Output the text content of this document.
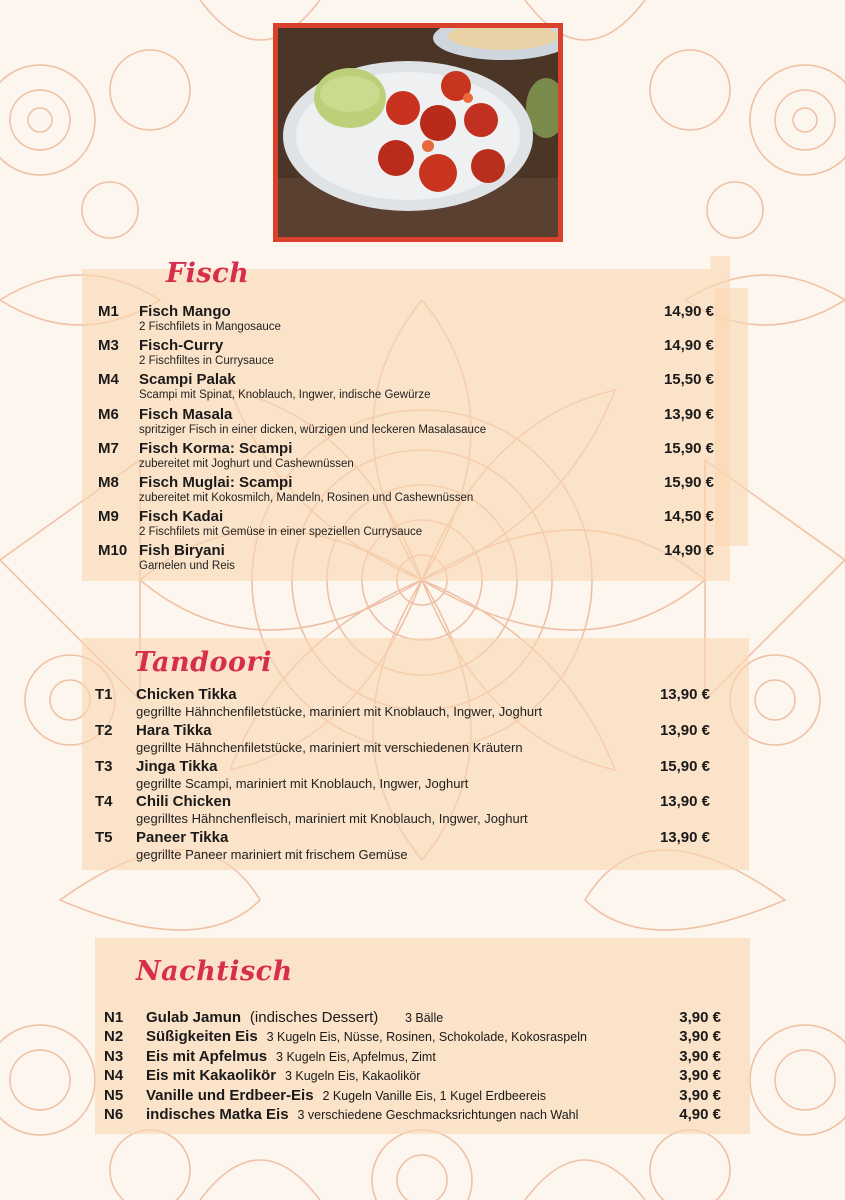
Fisch
M1 Fisch Mango
2 Fischfilets in Mangosauce
14,90 €
M3 Fisch-Curry
2 Fischfiltes in Currysauce
14,90 €
M4 Scampi Palak
Scampi mit Spinat, Knoblauch, Ingwer, indische Gewürze
15,50 €
M6 Fisch Masala
spritziger Fisch in einer dicken, würzigen und leckeren Masalasauce
13,90 €
M7 Fisch Korma: Scampi
zubereitet mit Joghurt und Cashewnüssen
15,90 €
M8 Fisch Muglai: Scampi
zubereitet mit Kokosmilch, Mandeln, Rosinen und Cashewnüssen
15,90 €
M9 Fisch Kadai
2 Fischfilets mit Gemüse in einer speziellen Currysauce
14,50 €
M10 Fish Biryani
Garnelen und Reis
14,90 €
Tandoori
T1 Chicken Tikka
gegrillte Hähnchenfiletstücke, mariniert mit Knoblauch, Ingwer, Joghurt
13,90 €
T2 Hara Tikka
gegrillte Hähnchenfiletstücke, mariniert mit verschiedenen Kräutern
13,90 €
T3 Jinga Tikka
gegrillte Scampi, mariniert mit Knoblauch, Ingwer, Joghurt
15,90 €
T4 Chili Chicken
gegrilltes Hähnchenfleisch, mariniert mit Knoblauch, Ingwer, Joghurt
13,90 €
T5 Paneer Tikka
gegrillte Paneer mariniert mit frischem Gemüse
13,90 €
Nachtisch
N1 Gulab Jamun (indisches Dessert) 3 Bälle	3,90 €
N2 Süßigkeiten Eis 3 Kugeln Eis, Nüsse, Rosinen, Schokolade, Kokosraspeln	3,90 €
N3 Eis mit Apfelmus 3 Kugeln Eis, Apfelmus, Zimt	3,90 €
N4 Eis mit Kakaolikör 3 Kugeln Eis, Kakaolikör	3,90 €
N5 Vanille und Erdbeer-Eis 2 Kugeln Vanille Eis, 1 Kugel Erdbeereis	3,90 €
N6 indisches Matka Eis 3 verschiedene Geschmacksrichtungen nach Wahl	4,90 €
